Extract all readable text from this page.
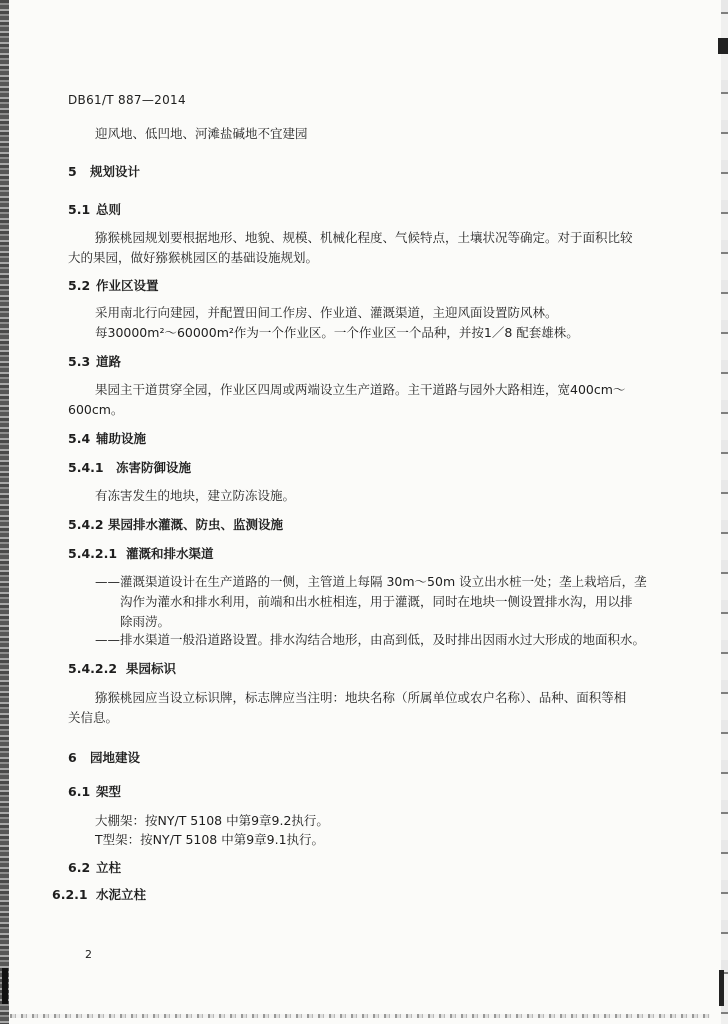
DB61/T 887—2014
迎风地、低凹地、河滩盐碱地不宜建园
5 规划设计
5.1 总则
猕猴桃园规划要根据地形、地貌、规模、机械化程度、气候特点，土壤状况等确定。对于面积比较
大的果园，做好猕猴桃园区的基础设施规划。
5.2 作业区设置
采用南北行向建园，并配置田间工作房、作业道、灌溉渠道，主迎风面设置防风林。
每30000m²～60000m²作为一个作业区。一个作业区一个品种，并按1／8 配套雄株。
5.3 道路
果园主干道贯穿全园，作业区四周或两端设立生产道路。主干道路与园外大路相连，宽400cm～
600cm。
5.4 辅助设施
5.4.1 冻害防御设施
有冻害发生的地块，建立防冻设施。
5.4.2 果园排水灌溉、防虫、监测设施
5.4.2.1 灌溉和排水渠道
——灌溉渠道设计在生产道路的一侧，主管道上每隔 30m～50m 设立出水桩一处；垄上栽培后，垄
沟作为灌水和排水利用，前端和出水桩相连，用于灌溉，同时在地块一侧设置排水沟，用以排
除雨涝。
——排水渠道一般沿道路设置。排水沟结合地形，由高到低，及时排出因雨水过大形成的地面积水。
5.4.2.2 果园标识
猕猴桃园应当设立标识牌，标志牌应当注明：地块名称（所属单位或农户名称）、品种、面积等相
关信息。
6 园地建设
6.1 架型
大棚架：按NY/T 5108 中第9章9.2执行。
T型架：按NY/T 5108 中第9章9.1执行。
6.2 立柱
6.2.1 水泥立柱
2
